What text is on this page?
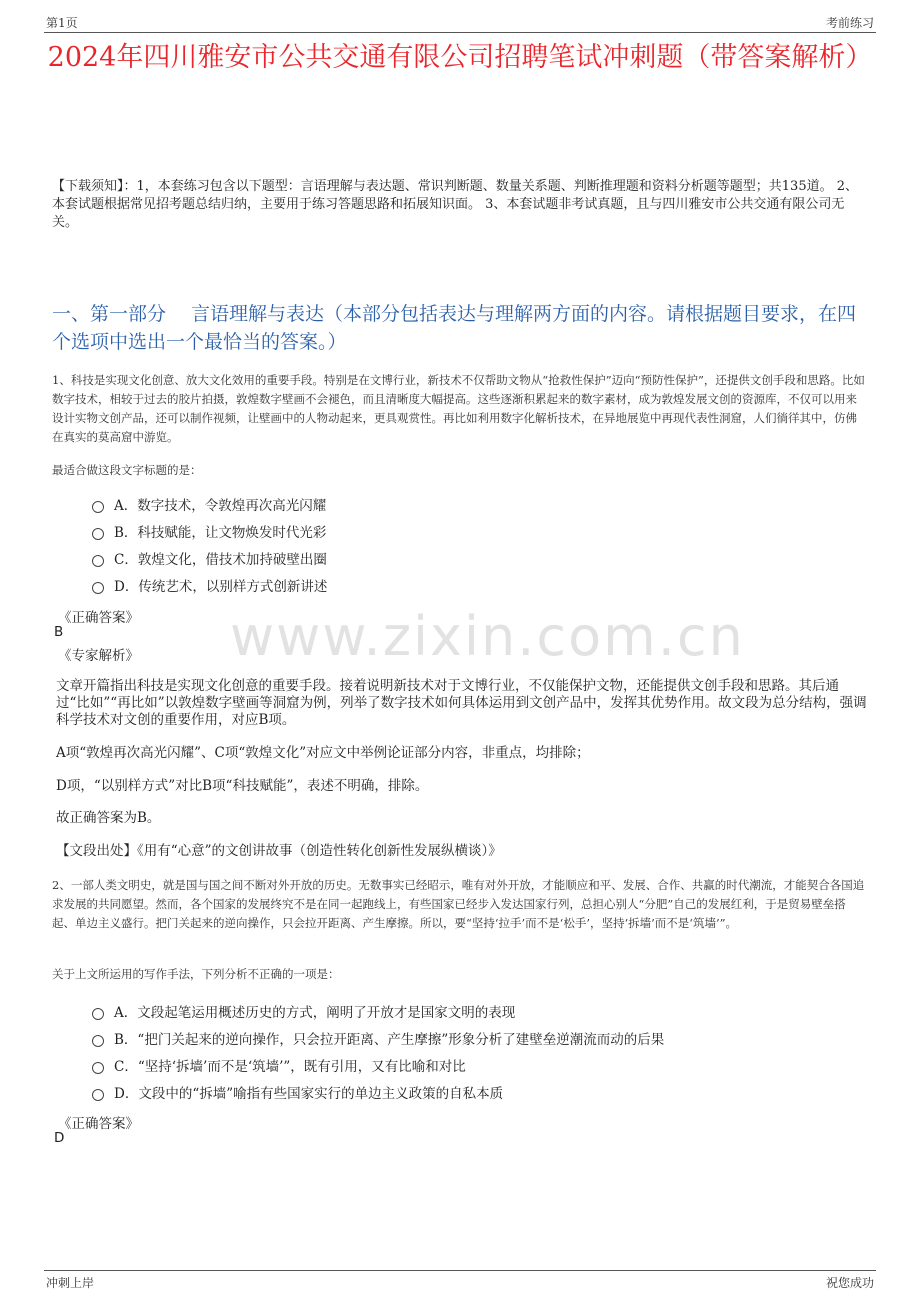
第1页	考前练习
2024年四川雅安市公共交通有限公司招聘笔试冲刺题（带答案解析）
【下载须知】：1，本套练习包含以下题型：言语理解与表达题、常识判断题、数量关系题、判断推理题和资料分析题等题型；共135道。 2、本套试题根据常见招考题总结归纳，主要用于练习答题思路和拓展知识面。 3、本套试题非考试真题，且与四川雅安市公共交通有限公司无关。
一、第一部分　 言语理解与表达（本部分包括表达与理解两方面的内容。请根据题目要求，在四个选项中选出一个最恰当的答案。）
1、科技是实现文化创意、放大文化效用的重要手段。特别是在文博行业，新技术不仅帮助文物从“抢救性保护”迈向“预防性保护”，还提供文创手段和思路。比如数字技术，相较于过去的胶片拍摄，敦煌数字壁画不会褪色，而且清晰度大幅提高。这些逐渐积累起来的数字素材，成为敦煌发展文创的资源库，不仅可以用来设计实物文创产品，还可以制作视频，让壁画中的人物动起来，更具观赏性。再比如利用数字化解析技术，在异地展览中再现代表性洞窟，人们徜徉其中，仿佛在真实的莫高窟中游览。
最适合做这段文字标题的是：
A．数字技术，令敦煌再次高光闪耀
B．科技赋能，让文物焕发时代光彩
C．敦煌文化，借技术加持破壁出圈
D．传统艺术，以别样方式创新讲述
《正确答案》
B
《专家解析》 www.zixin.com.cn
文章开篇指出科技是实现文化创意的重要手段。接着说明新技术对于文博行业，不仅能保护文物，还能提供文创手段和思路。其后通过“比如”“再比如”以敦煌数字壁画等洞窟为例，列举了数字技术如何具体运用到文创产品中，发挥其优势作用。故文段为总分结构，强调科学技术对文创的重要作用，对应B项。
A项“敦煌再次高光闪耀”、C项“敦煌文化”对应文中举例论证部分内容，非重点，均排除；
D项，“以别样方式”对比B项“科技赋能”，表述不明确，排除。
故正确答案为B。
【文段出处】《用有“心意”的文创讲故事（创造性转化创新性发展纵横谈）》
2、一部人类文明史，就是国与国之间不断对外开放的历史。无数事实已经昭示，唯有对外开放，才能顺应和平、发展、合作、共赢的时代潮流，才能契合各国追求发展的共同愿望。然而，各个国家的发展终究不是在同一起跑线上，有些国家已经步入发达国家行列，总担心别人“分肥”自己的发展红利，于是贸易壁垒搭起、单边主义盛行。把门关起来的逆向操作，只会拉开距离、产生摩擦。所以，要“坚持‘拉手’而不是‘松手’，坚持‘拆墙’而不是‘筑墙’”。
关于上文所运用的写作手法，下列分析不正确的一项是：
A．文段起笔运用概述历史的方式，阐明了开放才是国家文明的表现
B．“把门关起来的逆向操作，只会拉开距离、产生摩擦”形象分析了建壁垒逆潮流而动的后果
C．“坚持‘拆墙’而不是‘筑墙’”，既有引用，又有比喻和对比
D．文段中的“拆墙”喻指有些国家实行的单边主义政策的自私本质
《正确答案》
D
冲刺上岸	祝您成功
